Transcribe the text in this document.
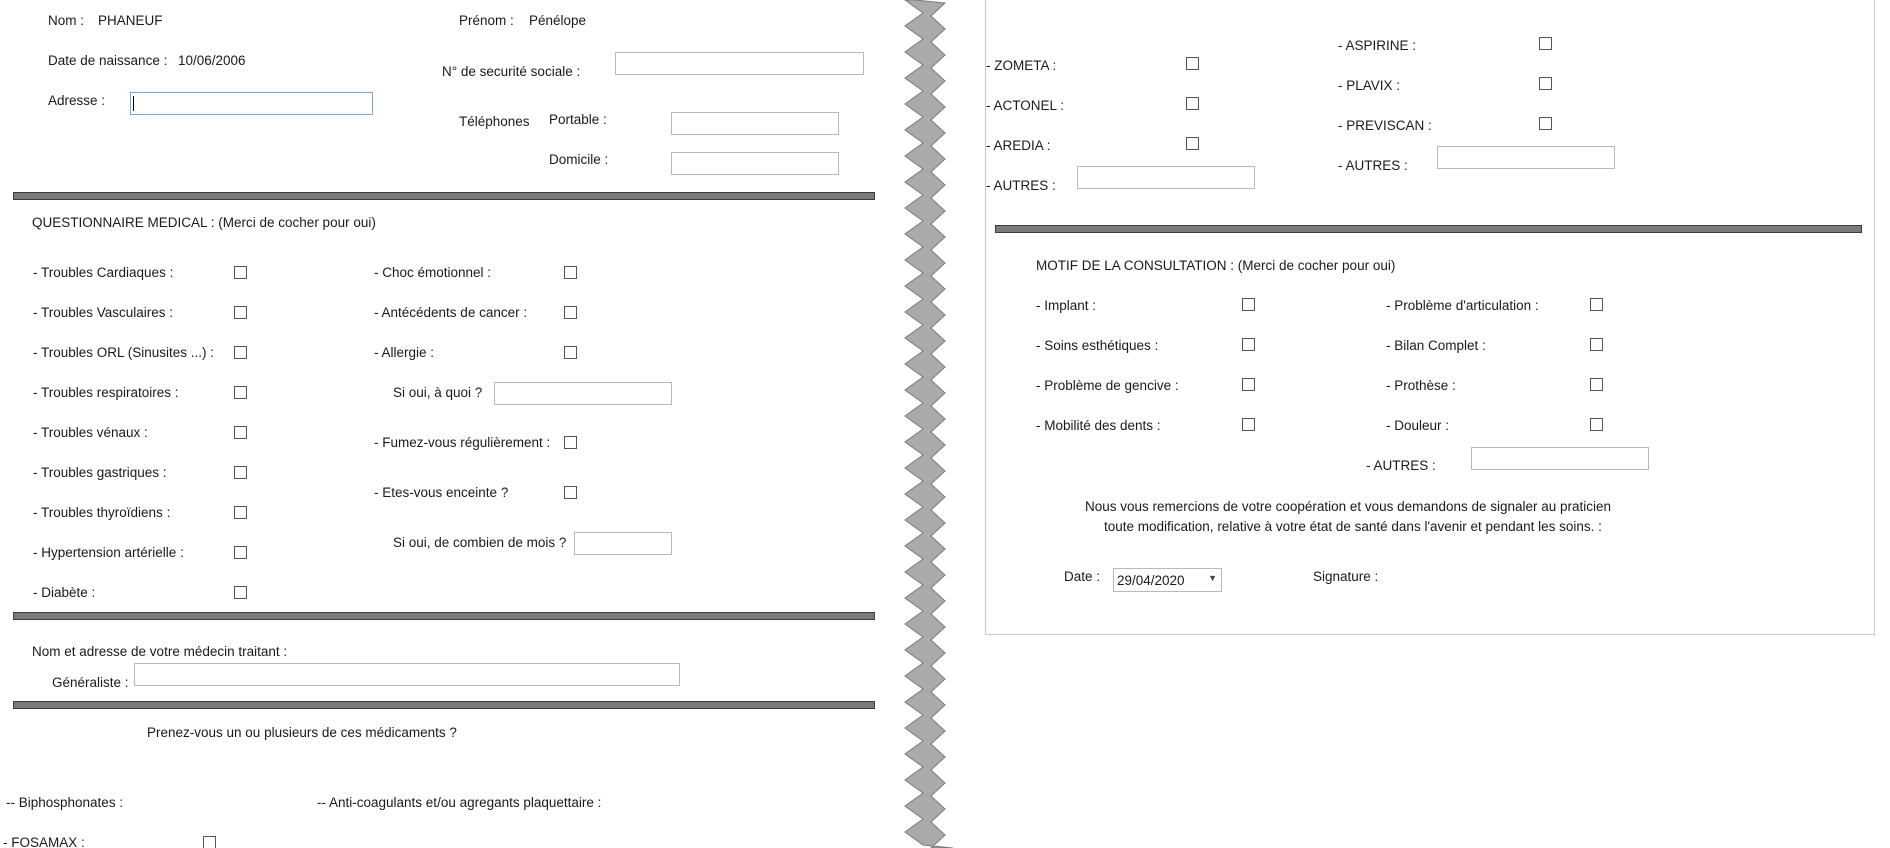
Nom : PHANEUF	Prénom : Pénélope
Date de naissance : 10/06/2006
N° de securité sociale :
Adresse :
Téléphones Portable :
Domicile :
QUESTIONNAIRE MEDICAL : (Merci de cocher pour oui)
- Troubles Cardiaques :
- Troubles Vasculaires :
- Troubles ORL (Sinusites ...) :
- Troubles respiratoires :
- Troubles vénaux :
- Troubles gastriques :
- Troubles thyroïdiens :
- Hypertension artérielle :
- Diabète :
- Choc émotionnel :
- Antécédents de cancer :
- Allergie :
Si oui, à quoi ?
- Fumez-vous régulièrement :
- Etes-vous enceinte ?
Si oui, de combien de mois ?
Nom et adresse de votre médecin traitant :
Généraliste :
Prenez-vous un ou plusieurs de ces médicaments ?
-- Biphosphonates :	-- Anti-coagulants et/ou agregants plaquettaire :
- FOSAMAX :
- ZOMETA :
- ACTONEL :
- AREDIA :
- AUTRES :
- ASPIRINE :
- PLAVIX :
- PREVISCAN :
- AUTRES :
MOTIF DE LA CONSULTATION : (Merci de cocher pour oui)
- Implant :
- Soins esthétiques :
- Problème de gencive :
- Mobilité des dents :
- Problème d'articulation :
- Bilan Complet :
- Prothèse :
- Douleur :
- AUTRES :
Nous vous remercions de votre coopération et vous demandons de signaler au praticien
toute modification, relative à votre état de santé dans l'avenir et pendant les soins. :
Date : 29/04/2020	▼	Signature :
